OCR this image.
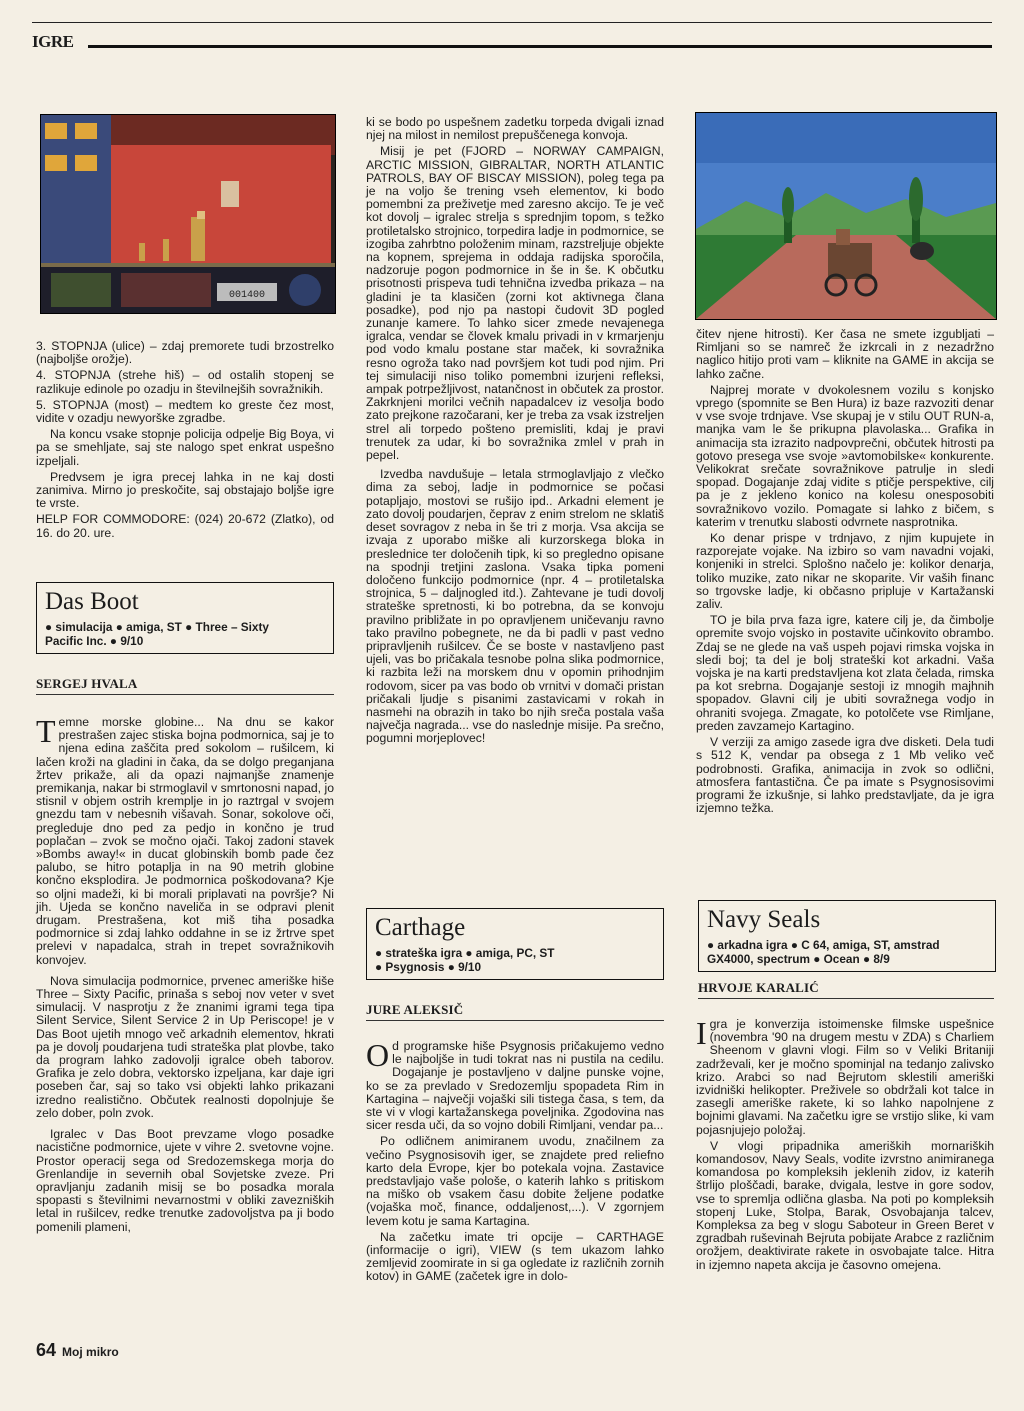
IGRE
001400

3. STOPNJA (ulice) – zdaj premorete tudi brzostrelko (najboljše orožje).

4. STOPNJA (strehe hiš) – od ostalih stopenj se razlikuje edinole po ozadju in številnejših sovražnikih.

5. STOPNJA (most) – medtem ko greste čez most, vidite v ozadju newyorške zgradbe.

Na koncu vsake stopnje policija odpelje Big Boya, vi pa se smehljate, saj ste nalogo spet enkrat uspešno izpeljali.

Predvsem je igra precej lahka in ne kaj dosti zanimiva. Mirno jo preskočite, saj obstajajo boljše igre te vrste.

HELP FOR COMMODORE: (024) 20-672 (Zlatko), od 16. do 20. ure.

Das Boot
● simulacija ● amiga, ST ● Three – Sixty
Pacific Inc. ● 9/10
SERGEJ HVALA

Temne morske globine... Na dnu se kakor prestrašen zajec stiska bojna podmornica, saj je to njena edina zaščita pred sokolom – rušilcem, ki lačen kroži na gladini in čaka, da se dolgo preganjana žrtev prikaže, ali da opazi najmanjše znamenje premikanja, nakar bi strmoglavil v smrtonosni napad, jo stisnil v objem ostrih kremplje in jo raztrgal v svojem gnezdu tam v nebesnih višavah. Sonar, sokolove oči, pregleduje dno ped za pedjo in končno je trud poplačan – zvok se močno ojači. Takoj zadoni stavek »Bombs away!« in ducat globinskih bomb pade čez palubo, se hitro potaplja in na 90 metrih globine končno eksplodira. Je podmornica poškodovana? Kje so oljni madeži, ki bi morali priplavati na površje? Ni jih. Ujeda se končno naveliča in se odpravi plenit drugam. Prestrašena, kot miš tiha posadka podmornice si zdaj lahko oddahne in se iz žrtrve spet prelevi v napadalca, strah in trepet sovražnikovih konvojev.

Nova simulacija podmornice, prvenec ameriške hiše Three – Sixty Pacific, prinaša s seboj nov veter v svet simulacij. V nasprotju z že znanimi igrami tega tipa Silent Service, Silent Service 2 in Up Periscope! je v Das Boot ujetih mnogo več arkadnih elementov, hkrati pa je dovolj poudarjena tudi strateška plat plovbe, tako da program lahko zadovolji igralce obeh taborov. Grafika je zelo dobra, vektorsko izpeljana, kar daje igri poseben čar, saj so tako vsi objekti lahko prikazani izredno realistično. Občutek realnosti dopolnjuje še zelo dober, poln zvok.

Igralec v Das Boot prevzame vlogo posadke nacistične podmornice, ujete v vihre 2. svetovne vojne. Prostor operacij sega od Sredozemskega morja do Grenlandije in severnih obal Sovjetske zveze. Pri opravljanju zadanih misij se bo posadka morala spopasti s številnimi nevarnostmi v obliki zavezniških letal in rušilcev, redke trenutke zadovoljstva pa ji bodo pomenili plameni,

ki se bodo po uspešnem zadetku torpeda dvigali iznad njej na milost in nemilost prepuščenega konvoja.

Misij je pet (FJORD – NORWAY CAMPAIGN, ARCTIC MISSION, GIBRALTAR, NORTH ATLANTIC PATROLS, BAY OF BISCAY MISSION), poleg tega pa je na voljo še trening vseh elementov, ki bodo pomembni za preživetje med zaresno akcijo. Te je več kot dovolj – igralec strelja s sprednjim topom, s težko protiletalsko strojnico, torpedira ladje in podmornice, se izogiba zahrbtno položenim minam, razstreljuje objekte na kopnem, sprejema in oddaja radijska sporočila, nadzoruje pogon podmornice in še in še. K občutku prisotnosti prispeva tudi tehnična izvedba prikaza – na gladini je ta klasičen (zorni kot aktivnega člana posadke), pod njo pa nastopi čudovit 3D pogled zunanje kamere. To lahko sicer zmede nevajenega igralca, vendar se človek kmalu privadi in v krmarjenju pod vodo kmalu postane star maček, ki sovražnika resno ogroža tako nad površjem kot tudi pod njim. Pri tej simulaciji niso toliko pomembni izurjeni refleksi, ampak potrpežljivost, natančnost in občutek za prostor. Zakrknjeni morilci večnih napadalcev iz vesolja bodo zato prejkone razočarani, ker je treba za vsak izstreljen strel ali torpedo pošteno premisliti, kdaj je pravi trenutek za udar, ki bo sovražnika zmlel v prah in pepel.

Izvedba navdušuje – letala strmoglavljajo z vlečko dima za seboj, ladje in podmornice se počasi potapljajo, mostovi se rušijo ipd.. Arkadni element je zato dovolj poudarjen, čeprav z enim strelom ne sklatiš deset sovragov z neba in še tri z morja. Vsa akcija se izvaja z uporabo miške ali kurzorskega bloka in preslednice ter določenih tipk, ki so pregledno opisane na spodnji tretjini zaslona. Vsaka tipka pomeni določeno funkcijo podmornice (npr. 4 – protiletalska strojnica, 5 – daljnogled itd.). Zahtevane je tudi dovolj strateške spretnosti, ki bo potrebna, da se konvoju pravilno približate in po opravljenem uničevanju ravno tako pravilno pobegnete, ne da bi padli v past vedno pripravljenih rušilcev. Če se boste v nastavljeno past ujeli, vas bo pričakala tesnobe polna slika podmornice, ki razbita leži na morskem dnu v opomin prihodnjim rodovom, sicer pa vas bodo ob vrnitvi v domači pristan pričakali ljudje s pisanimi zastavicami v rokah in nasmehi na obrazih in tako bo njih sreča postala vaša največja nagrada... vse do naslednje misije. Pa srečno, pogumni morjeplovec!

Carthage
● strateška igra ● amiga, PC, ST
● Psygnosis ● 9/10
JURE ALEKSIČ

Od programske hiše Psygnosis pričakujemo vedno le najboljše in tudi tokrat nas ni pustila na cedilu. Dogajanje je postavljeno v daljne punske vojne, ko se za prevlado v Sredozemlju spopadeta Rim in Kartagina – največji vojaški sili tistega časa, s tem, da ste vi v vlogi kartažanskega poveljnika. Zgodovina nas sicer resda uči, da so vojno dobili Rimljani, vendar pa...

Po odličnem animiranem uvodu, značilnem za večino Psygnosisovih iger, se znajdete pred reliefno karto dela Evrope, kjer bo potekala vojna. Zastavice predstavljajo vaše pološe, o katerih lahko s pritiskom na miško ob vsakem času dobite željene podatke (vojaška moč, finance, oddaljenost,...). V zgornjem levem kotu je sama Kartagina.

Na začetku imate tri opcije – CARTHAGE (informacije o igri), VIEW (s tem ukazom lahko zemljevid zoomirate in si ga ogledate iz različnih zornih kotov) in GAME (začetek igre in dolo-

čitev njene hitrosti). Ker časa ne smete izgubljati – Rimljani so se namreč že izkrcali in z nezadržno naglico hitijo proti vam – kliknite na GAME in akcija se lahko začne.

Najprej morate v dvokolesnem vozilu s konjsko vprego (spomnite se Ben Hura) iz baze razvoziti denar v vse svoje trdnjave. Vse skupaj je v stilu OUT RUN-a, manjka vam le še prikupna plavolaska... Grafika in animacija sta izrazito nadpovprečni, občutek hitrosti pa gotovo presega vse svoje »avtomobilske« konkurente. Velikokrat srečate sovražnikove patrulje in sledi spopad. Dogajanje zdaj vidite s ptičje perspektive, cilj pa je z jekleno konico na kolesu onesposobiti sovražnikovo vozilo. Pomagate si lahko z bičem, s katerim v trenutku slabosti odvrnete nasprotnika.

Ko denar prispe v trdnjavo, z njim kupujete in razporejate vojake. Na izbiro so vam navadni vojaki, konjeniki in strelci. Splošno načelo je: kolikor denarja, toliko muzike, zato nikar ne skoparite. Vir vaših financ so trgovske ladje, ki občasno pripluje v Kartažanski zaliv.

TO je bila prva faza igre, katere cilj je, da čimbolje opremite svojo vojsko in postavite učinkovito obrambo. Zdaj se ne glede na vaš uspeh pojavi rimska vojska in sledi boj; ta del je bolj strateški kot arkadni. Vaša vojska je na karti predstavljena kot zlata čelada, rimska pa kot srebrna. Dogajanje sestoji iz mnogih majhnih spopadov. Glavni cilj je ubiti sovražnega vodjo in ohraniti svojega. Zmagate, ko potolčete vse Rimljane, preden zavzamejo Kartagino.

V verziji za amigo zasede igra dve disketi. Dela tudi s 512 K, vendar pa obsega z 1 Mb veliko več podrobnosti. Grafika, animacija in zvok so odlični, atmosfera fantastična. Če pa imate s Psygnosisovimi programi že izkušnje, si lahko predstavljate, da je igra izjemno težka.

Navy Seals
● arkadna igra ● C 64, amiga, ST, amstrad
GX4000, spectrum ● Ocean ● 8/9
HRVOJE KARALIĆ

Igra je konverzija istoimenske filmske uspešnice (novembra '90 na drugem mestu v ZDA) s Charliem Sheenom v glavni vlogi. Film so v Veliki Britaniji zadrževali, ker je močno spominjal na tedanjo zalivsko krizo. Arabci so nad Bejrutom sklestili ameriški izvidniški helikopter. Preživele so obdržali kot talce in zasegli ameriške rakete, ki so lahko napolnjene z bojnimi glavami. Na začetku igre se vrstijo slike, ki vam pojasnjujejo položaj.

V vlogi pripadnika ameriških mornariških komandosov, Navy Seals, vodite izvrstno animiranega komandosa po kompleksih jeklenih zidov, iz katerih štrlijo ploščadi, barake, dvigala, lestve in gore sodov, vse to spremlja odlična glasba. Na poti po kompleksih stopenj Luke, Stolpa, Barak, Osvobajanja talcev, Kompleksa za beg v slogu Saboteur in Green Beret v zgradbah ruševinah Bejruta pobijate Arabce z različnim orožjem, deaktivirate rakete in osvobajate talce. Hitra in izjemno napeta akcija je časovno omejena.

64 Moj mikro
